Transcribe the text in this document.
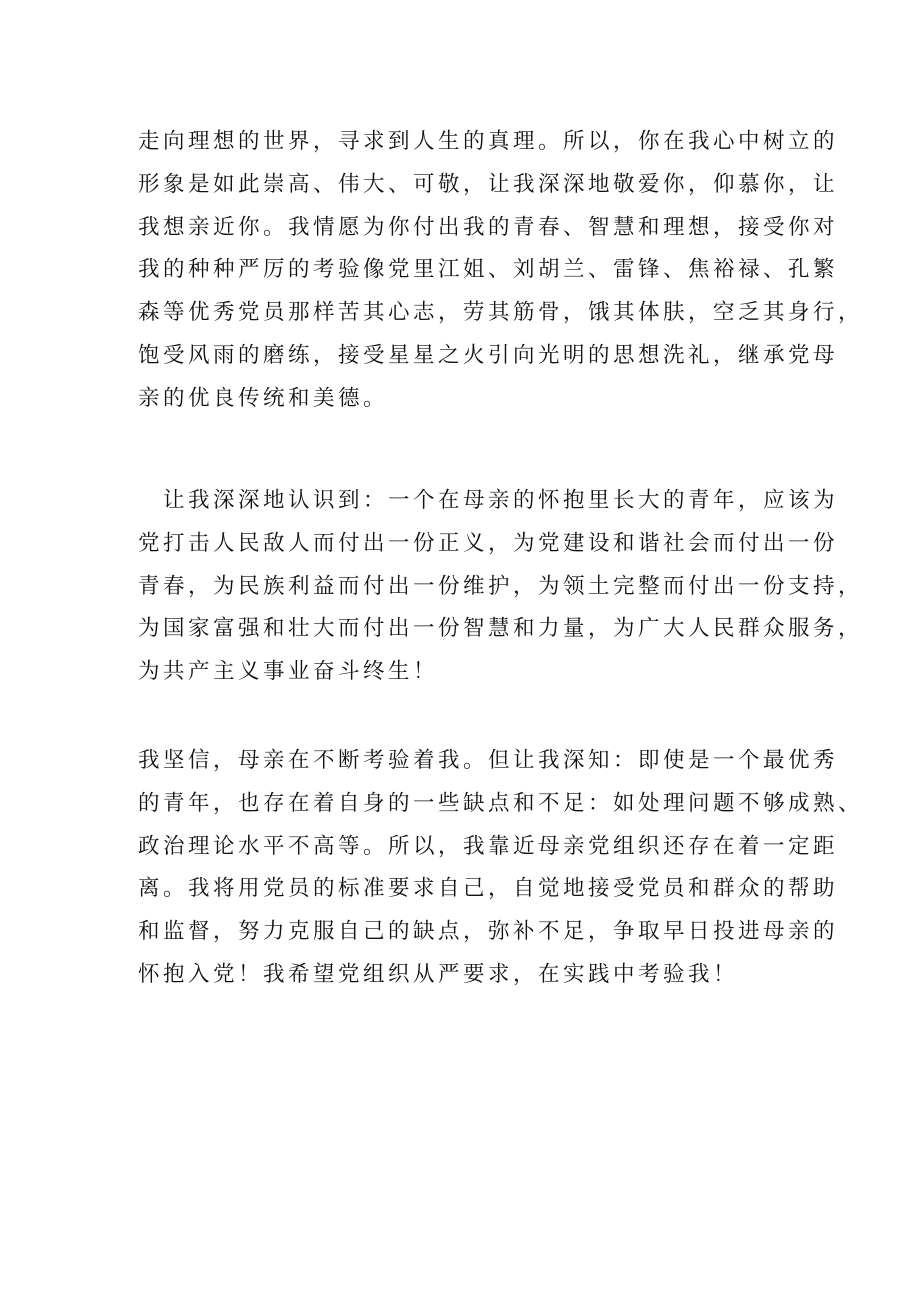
走向理想的世界，寻求到人生的真理。所以，你在我心中树立的
形象是如此崇高、伟大、可敬，让我深深地敬爱你，仰慕你，让
我想亲近你。我情愿为你付出我的青春、智慧和理想，接受你对
我的种种严厉的考验像党里江姐、刘胡兰、雷锋、焦裕禄、孔繁
森等优秀党员那样苦其心志，劳其筋骨，饿其体肤，空乏其身行，
饱受风雨的磨练，接受星星之火引向光明的思想洗礼，继承党母
亲的优良传统和美德。
　让我深深地认识到：一个在母亲的怀抱里长大的青年，应该为
党打击人民敌人而付出一份正义，为党建设和谐社会而付出一份
青春，为民族利益而付出一份维护，为领土完整而付出一份支持，
为国家富强和壮大而付出一份智慧和力量，为广大人民群众服务，
为共产主义事业奋斗终生！
我坚信，母亲在不断考验着我。但让我深知：即使是一个最优秀
的青年，也存在着自身的一些缺点和不足：如处理问题不够成熟、
政治理论水平不高等。所以，我靠近母亲党组织还存在着一定距
离。我将用党员的标准要求自己，自觉地接受党员和群众的帮助
和监督，努力克服自己的缺点，弥补不足，争取早日投进母亲的
怀抱入党！我希望党组织从严要求，在实践中考验我！
